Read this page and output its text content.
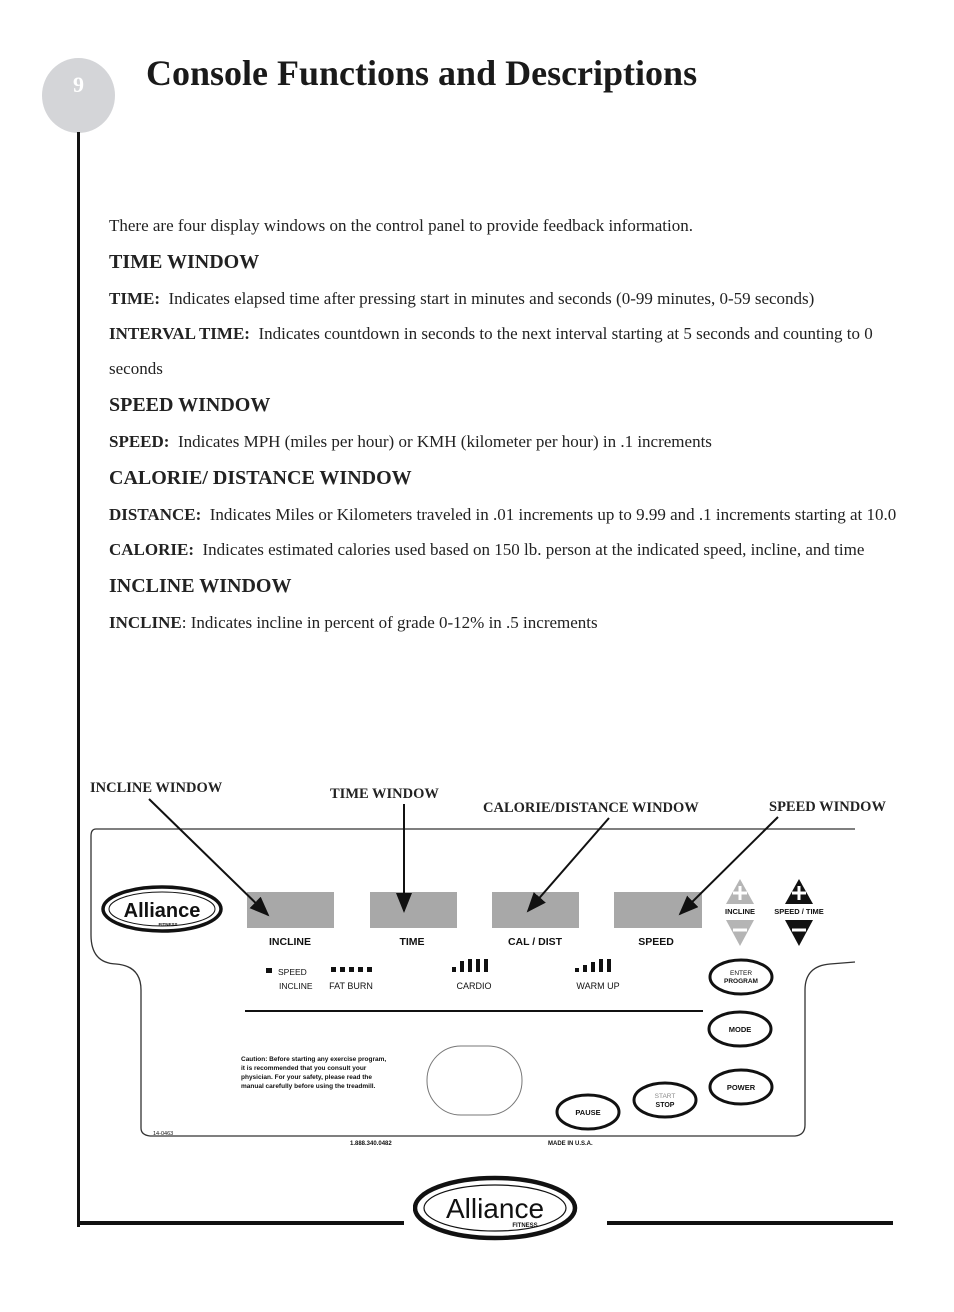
9	Console Functions and Descriptions

There are four display windows on the control panel to provide feedback information.

TIME WINDOW

TIME: Indicates elapsed time after pressing start in minutes and seconds (0-99 minutes, 0-59 seconds)

INTERVAL TIME: Indicates countdown in seconds to the next interval starting at 5 seconds and counting to 0 seconds

SPEED WINDOW

SPEED: Indicates MPH (miles per hour) or KMH (kilometer per hour) in .1 increments

CALORIE/ DISTANCE WINDOW

DISTANCE: Indicates Miles or Kilometers traveled in .01 increments up to 9.99 and .1 increments starting at 10.0

CALORIE: Indicates estimated calories used based on 150 lb. person at the indicated speed, incline, and time

INCLINE WINDOW

INCLINE: Indicates incline in percent of grade 0-12% in .5 increments

INCLINE WINDOW	TIME WINDOW
CALORIE/DISTANCE WINDOW	SPEED WINDOW
Alliance
FITNESS
INCLINE	TIME	CAL / DIST	SPEED
SPEED
INCLINE FAT BURN	CARDIO	WARM UP
INCLINE	SPEED / TIME
ENTER
PROGRAM
MODE
POWER
START
STOP
PAUSE
Caution: Before starting any exercise program,
it is recommended that you consult your
physician. For your safety, please read the
manual carefully before using the treadmill.
14-0463
1.888.340.0482	MADE IN U.S.A.
Alliance
FITNESS
